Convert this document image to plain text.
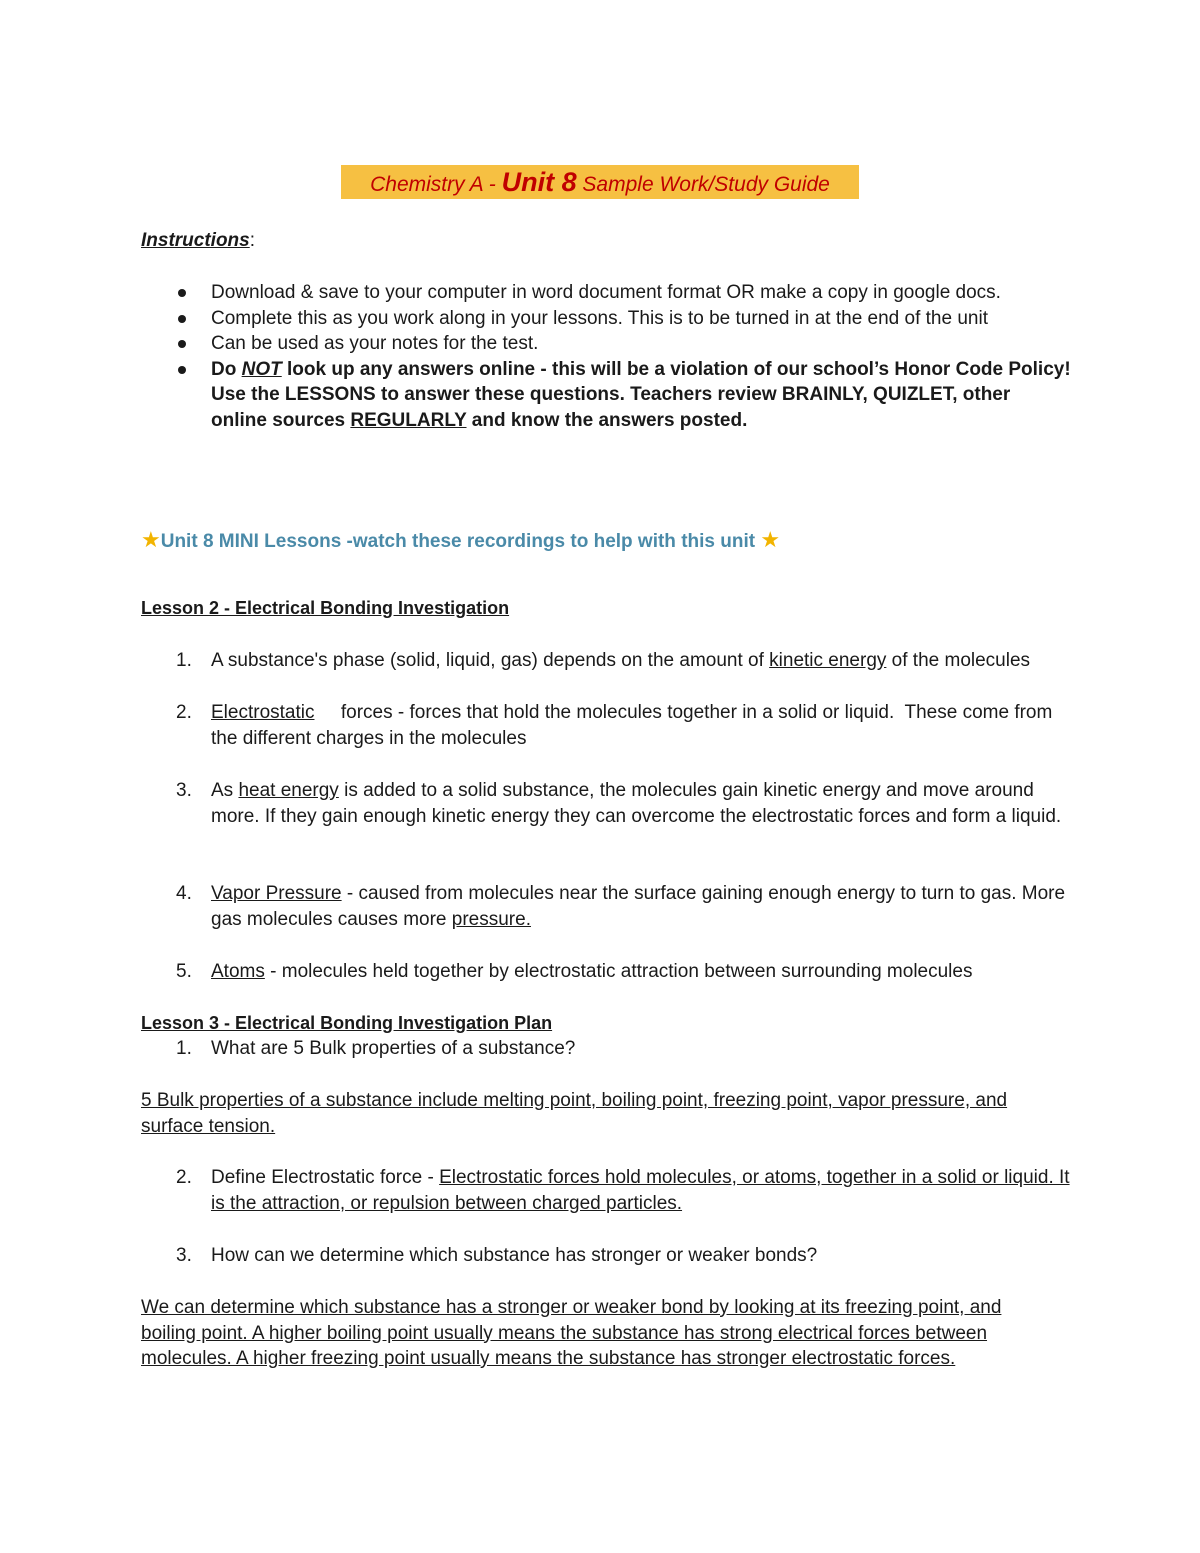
Chemistry A - Unit 8 Sample Work/Study Guide
Instructions:
Download & save to your computer in word document format OR make a copy in google docs.
Complete this as you work along in your lessons. This is to be turned in at the end of the unit
Can be used as your notes for the test.
Do NOT look up any answers online - this will be a violation of our school’s Honor Code Policy! Use the LESSONS to answer these questions. Teachers review BRAINLY, QUIZLET, other online sources REGULARLY and know the answers posted.
★Unit 8 MINI Lessons -watch these recordings to help with this unit ★
Lesson 2 - Electrical Bonding Investigation
1.	A substance's phase (solid, liquid, gas) depends on the amount of kinetic energy of the molecules
2.	Electrostatic     forces - forces that hold the molecules together in a solid or liquid.  These come from the different charges in the molecules
3.	As heat energy is added to a solid substance, the molecules gain kinetic energy and move around more. If they gain enough kinetic energy they can overcome the electrostatic forces and form a liquid.
4.	Vapor Pressure - caused from molecules near the surface gaining enough energy to turn to gas. More gas molecules causes more pressure.
5.	Atoms - molecules held together by electrostatic attraction between surrounding molecules
Lesson 3 - Electrical Bonding Investigation Plan
1.	What are 5 Bulk properties of a substance?
5 Bulk properties of a substance include melting point, boiling point, freezing point, vapor pressure, and surface tension.
2.	Define Electrostatic force - Electrostatic forces hold molecules, or atoms, together in a solid or liquid. It is the attraction, or repulsion between charged particles.
3.	How can we determine which substance has stronger or weaker bonds?
We can determine which substance has a stronger or weaker bond by looking at its freezing point, and boiling point. A higher boiling point usually means the substance has strong electrical forces between molecules. A higher freezing point usually means the substance has stronger electrostatic forces.
